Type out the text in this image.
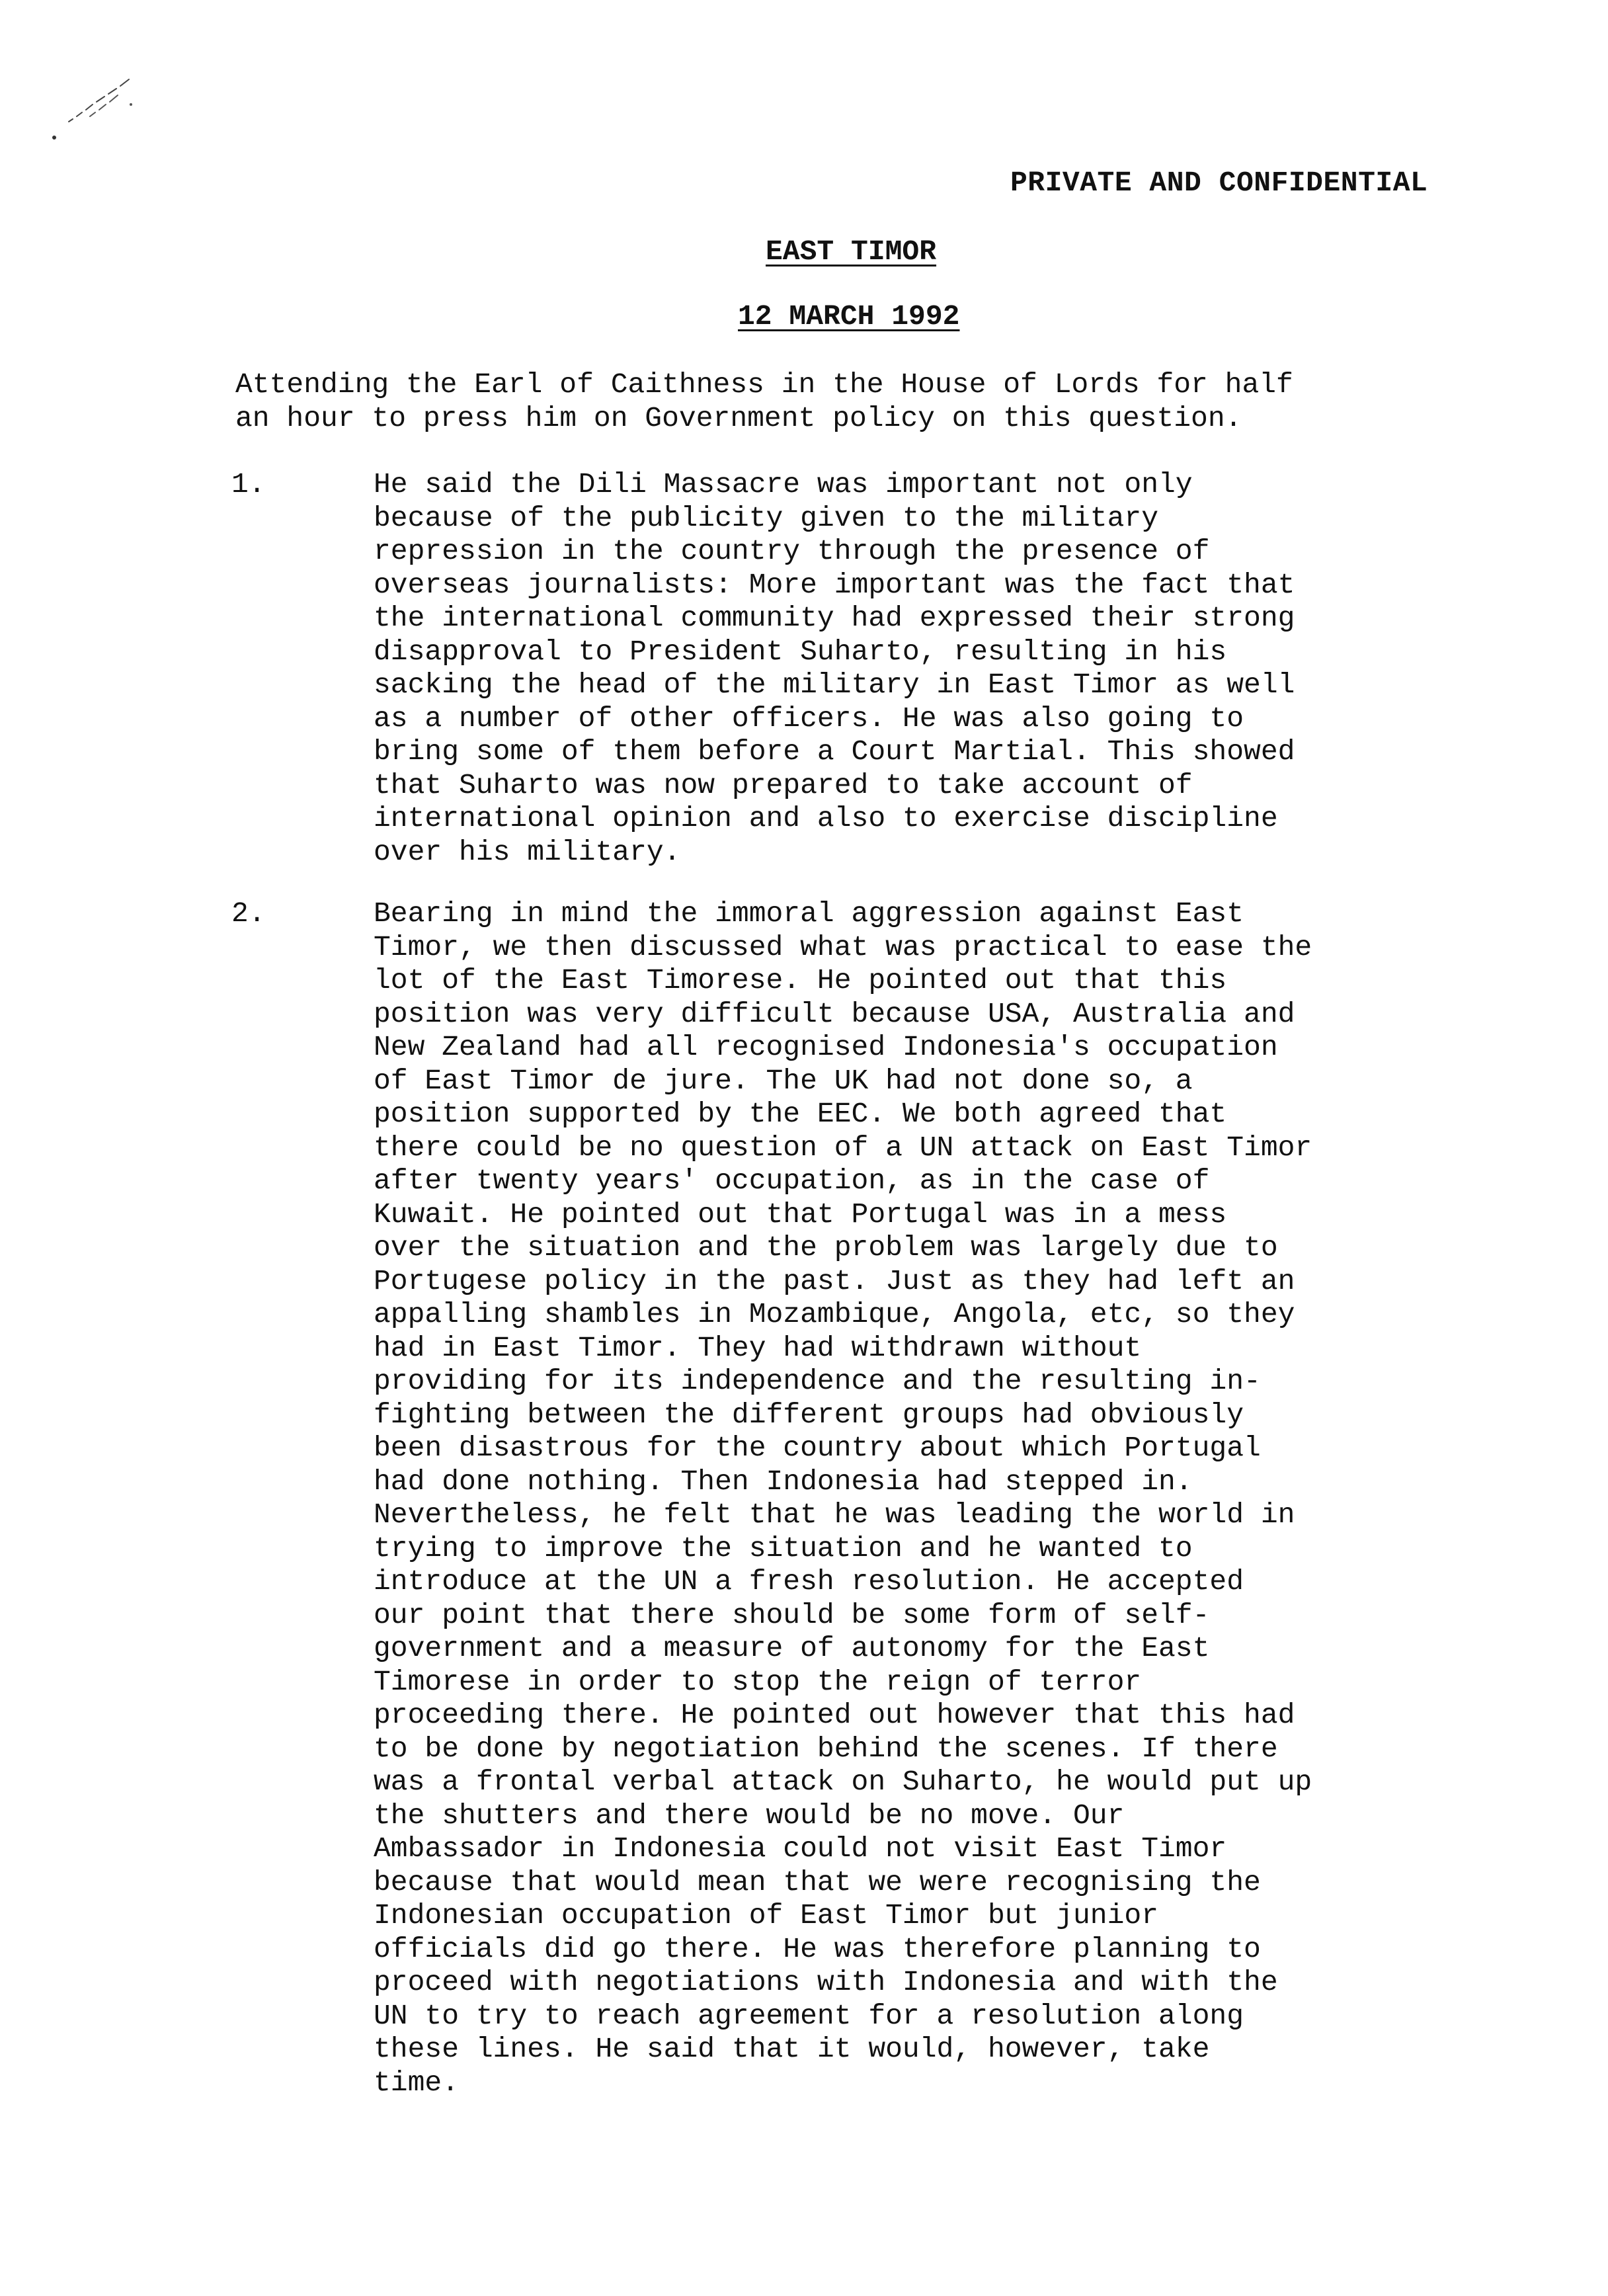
PRIVATE AND CONFIDENTIAL
EAST TIMOR
12 MARCH 1992
Attending the Earl of Caithness in the House of Lords for half
an hour to press him on Government policy on this question.
1.	He said the Dili Massacre was important not only
because of the publicity given to the military
repression in the country through the presence of
overseas journalists: More important was the fact that
the international community had expressed their strong
disapproval to President Suharto, resulting in his
sacking the head of the military in East Timor as well
as a number of other officers. He was also going to
bring some of them before a Court Martial. This showed
that Suharto was now prepared to take account of
international opinion and also to exercise discipline
over his military.
2.	Bearing in mind the immoral aggression against East
Timor, we then discussed what was practical to ease the
lot of the East Timorese. He pointed out that this
position was very difficult because USA, Australia and
New Zealand had all recognised Indonesia's occupation
of East Timor de jure. The UK had not done so, a
position supported by the EEC. We both agreed that
there could be no question of a UN attack on East Timor
after twenty years' occupation, as in the case of
Kuwait. He pointed out that Portugal was in a mess
over the situation and the problem was largely due to
Portugese policy in the past. Just as they had left an
appalling shambles in Mozambique, Angola, etc, so they
had in East Timor. They had withdrawn without
providing for its independence and the resulting in-
fighting between the different groups had obviously
been disastrous for the country about which Portugal
had done nothing. Then Indonesia had stepped in.
Nevertheless, he felt that he was leading the world in
trying to improve the situation and he wanted to
introduce at the UN a fresh resolution. He accepted
our point that there should be some form of self-
government and a measure of autonomy for the East
Timorese in order to stop the reign of terror
proceeding there. He pointed out however that this had
to be done by negotiation behind the scenes. If there
was a frontal verbal attack on Suharto, he would put up
the shutters and there would be no move. Our
Ambassador in Indonesia could not visit East Timor
because that would mean that we were recognising the
Indonesian occupation of East Timor but junior
officials did go there. He was therefore planning to
proceed with negotiations with Indonesia and with the
UN to try to reach agreement for a resolution along
these lines. He said that it would, however, take
time.
